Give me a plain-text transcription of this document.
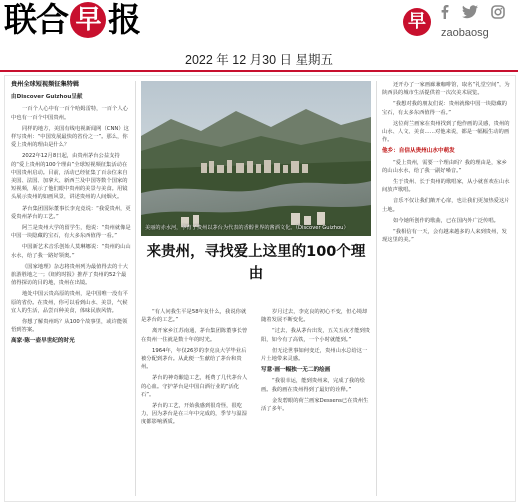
联合 早 报	早

zaobaosg
2022 年 12 月30 日 星期五
贵州全球短视频征集特辑
由Discover Guizhou呈献

一百个人心中有一百个哈姆雷特，一百个人心中也有一百个中国贵州。

同样的地方，美国有线电视新闻网（CNN）这样写贵州：“中国发展最快的省份之一”。那么，你爱上贵州的理由是什么？

2022年12月8日起，由贵州茅台公益支持的“爱上贵州的100个理由”全球短视频征集活动在中国贵州启动。目前，活动已经征集了百余位来自美国、法国、加拿大、新西兰及中国等数个国家的短视频，展示了他们眼中贵州的美景与美食。用镜头展示贵州的如画风景，讲述贵州的人间烟火。

茅台集团国际董事长李克竟说：“我爱贵州，更爱贵州茅台的工艺。”

阿兰是贵州大学的留学生，他说：“贵州就像是中国一块隐藏的宝石，有大多东西值得一看。”

中国新艺术音乐创始人莫琳娜说：“贵州的山山水水，给了我一路好领奥。”

《国家地理》杂志将贵州列为最值得去的十大旅游胜地之一；《纽约时报》推荐了贵州的52个最值得探访的目的地，贵州在出镜。

地处中国云贵高原的贵州，是中国唯一没有平原的省份。在贵州，你可以看到山水、美景，气候宜人的生活，品尝百种美食，体味民族风情。

你想了解贵州吗？从100个故事里，或许能领悟到答案。

高家·陈一壶早世纪的时光
美丽的赤水河，孕育了贵州以茅台为代表的香醇世界的酱酒文化。（Discover Guizhou）
来贵州，寻找爱上这里的100个理由

“有人问我生平是58年复什么，我说你就是茅台的工艺。”

离开家乡江苏南通，茅台集团陈董事长曾在贵州一住就是数十年的时光。

1964年，年仅26岁的李克良大学毕业后被分配到茅台。从此便一生献给了茅台和贵州。

茅台的神奇酿造工艺，耗费了几代茅台人的心血。守护茅台是中国白酒行业的“活化石”。

茅台的工艺，开始我感到很奇怪，很吃力，因为茅台是在三年中完成的，季节与温湿度都影响酒质。

岁月过去，李克良的初心不变，但心境却随着发展不断变化。

“过去，我从茅台出发，五关五夜才能到贵阳，如今有了高铁，一个小时就能到。”

但无论世事如何变迁，贵州山水总给这一片土地带来灵感。

写意·画一幅独一无二的绘画

“我很幸运，能到贵州来，完成了我的绘画。我的画在贵州得到了最好的诠释。”

金发碧眼的荷兰画家Dessens已在贵州生活了多年。

还开办了一家画廊兼咖啡馆，取名“礼堂空间”，为陕西县的城市生活提供着一次次美术展览。

“我想对我的朋友们说：贵州就像中国一块隐藏的宝石，有太多东西值得一看。”

这位荷兰画家在贵州找到了他作画的灵感，贵州的山水、人文、美食……对他来说，都是一幅幅生动的画作。

他乡：自信从贵州山水中萌发

“爱上贵州，需要一个理由吗？我的理由是，家乡的山山水水，给了我一副好嗓音。”

生于贵州、长于贵州的歌唱家，从小就喜欢在山水间放声歌唱。

音乐不仅让我们敞开心扉，也让我们更加热爱这片土地。

如今她所创作的歌曲，已在国内外广泛传唱。

“我相信有一天，会有越来越多的人来到贵州，发现这里的美。”
